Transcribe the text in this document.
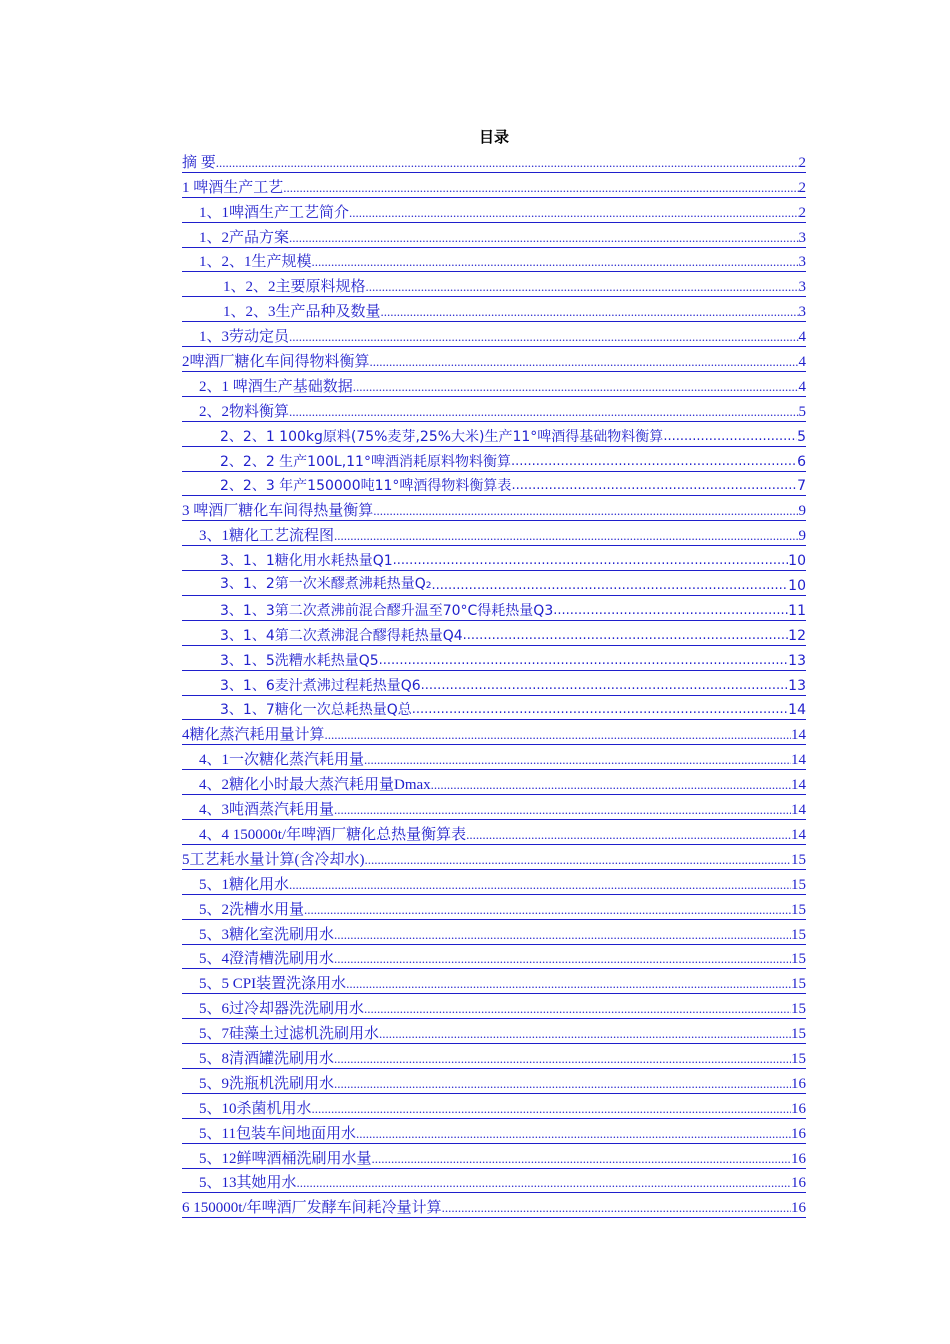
目录
摘 要 .....	2
1 啤酒生产工艺 .....	2
1、1啤酒生产工艺简介 .....	2
1、2产品方案 .....	3
1、2、1生产规模 .....	3
1、2、2主要原料规格 .....	3
1、2、3生产品种及数量 .....	3
1、3劳动定员 .....	4
2啤酒厂糖化车间得物料衡算 .....	4
2、1 啤酒生产基础数据 .....	4
2、2物料衡算 .....	5
2、2、1 100kg原料(75%麦芽,25%大米)生产11°啤酒得基础物料衡算 .....	5
2、2、2 生产100L,11°啤酒消耗原料物料衡算 .....	6
2、2、3 年产150000吨11°啤酒得物料衡算表 .....	7
3 啤酒厂糖化车间得热量衡算 .....	9
3、1糖化工艺流程图 .....	9
3、1、1糖化用水耗热量Q1 .....	10
3、1、2第一次米醪煮沸耗热量Q2 .....	10
3、1、3第二次煮沸前混合醪升温至70°C得耗热量Q3 .....	11
3、1、4第二次煮沸混合醪得耗热量Q4 .....	12
3、1、5洗糟水耗热量Q5 .....	13
3、1、6麦汁煮沸过程耗热量Q6 .....	13
3、1、7糖化一次总耗热量Q总 .....	14
4糖化蒸汽耗用量计算 .....	14
4、1一次糖化蒸汽耗用量 .....	14
4、2糖化小时最大蒸汽耗用量Dmax .....	14
4、3吨酒蒸汽耗用量 .....	14
4、4 150000t/年啤酒厂糖化总热量衡算表 .....	14
5工艺耗水量计算(含冷却水) .....	15
5、1糖化用水 .....	15
5、2洗槽水用量 .....	15
5、3糖化室洗刷用水 .....	15
5、4澄清槽洗刷用水 .....	15
5、5 CPI装置洗涤用水 .....	15
5、6过冷却器洗洗刷用水 .....	15
5、7硅藻土过滤机洗刷用水 .....	15
5、8清酒罐洗刷用水 .....	15
5、9洗瓶机洗刷用水 .....	16
5、10杀菌机用水 .....	16
5、11包装车间地面用水 .....	16
5、12鲜啤酒桶洗刷用水量 .....	16
5、13其她用水 .....	16
6 150000t/年啤酒厂发酵车间耗冷量计算 .....	16
